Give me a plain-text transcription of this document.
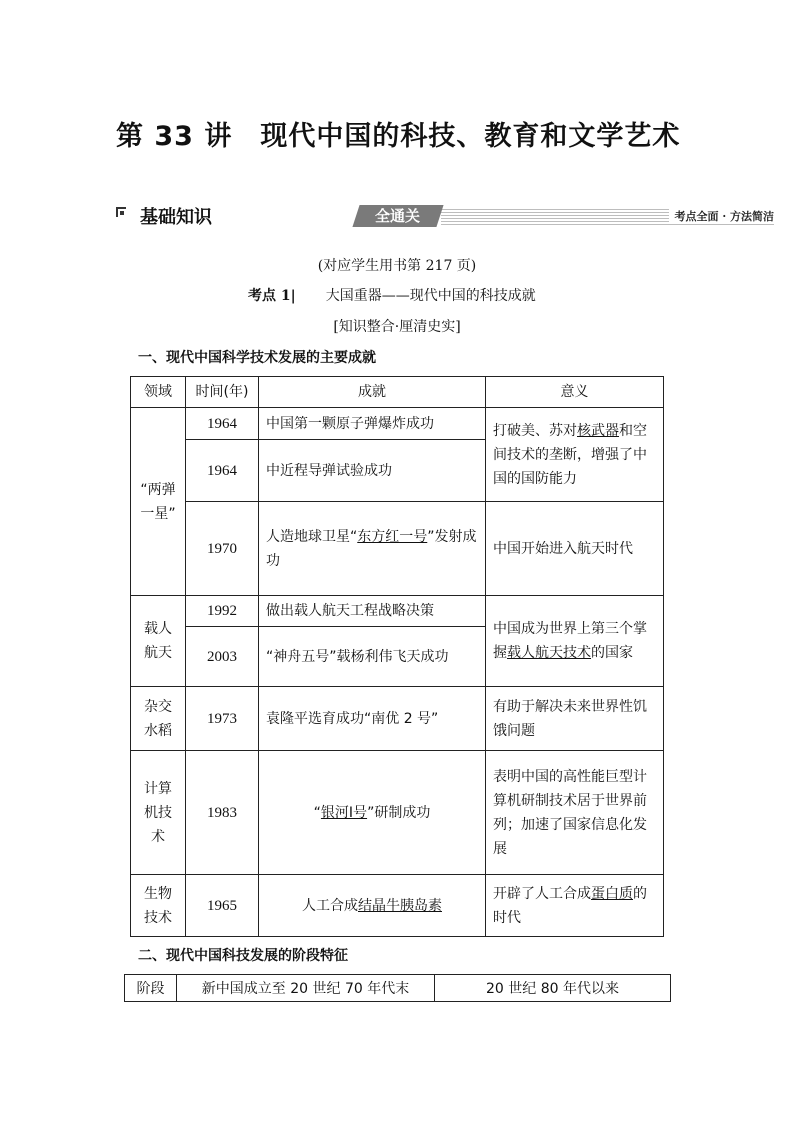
第 33 讲　现代中国的科技、教育和文学艺术
基础知识	全通关	考点全面 · 方法简洁
(对应学生用书第 217 页)
考点 1| 大国重器——现代中国的科技成就
[知识整合·厘清史实]
一、现代中国科学技术发展的主要成就
领域	时间(年)	成就	意义
“两弹一星”	1964	中国第一颗原子弹爆炸成功	打破美、苏对核武器和空间技术的垄断，增强了中国的国防能力
	1964	中近程导弹试验成功	
	1970	人造地球卫星“东方红一号”发射成功	中国开始进入航天时代
载人航天	1992	做出载人航天工程战略决策	中国成为世界上第三个掌握载人航天技术的国家
	2003	“神舟五号”载杨利伟飞天成功	
杂交水稻	1973	袁隆平选育成功“南优 2 号”	有助于解决未来世界性饥饿问题
计算机技术	1983	“银河Ⅰ号”研制成功	表明中国的高性能巨型计算机研制技术居于世界前列；加速了国家信息化发展
生物技术	1965	人工合成结晶牛胰岛素	开辟了人工合成蛋白质的时代
二、现代中国科技发展的阶段特征
阶段	新中国成立至 20 世纪 70 年代末	20 世纪 80 年代以来
